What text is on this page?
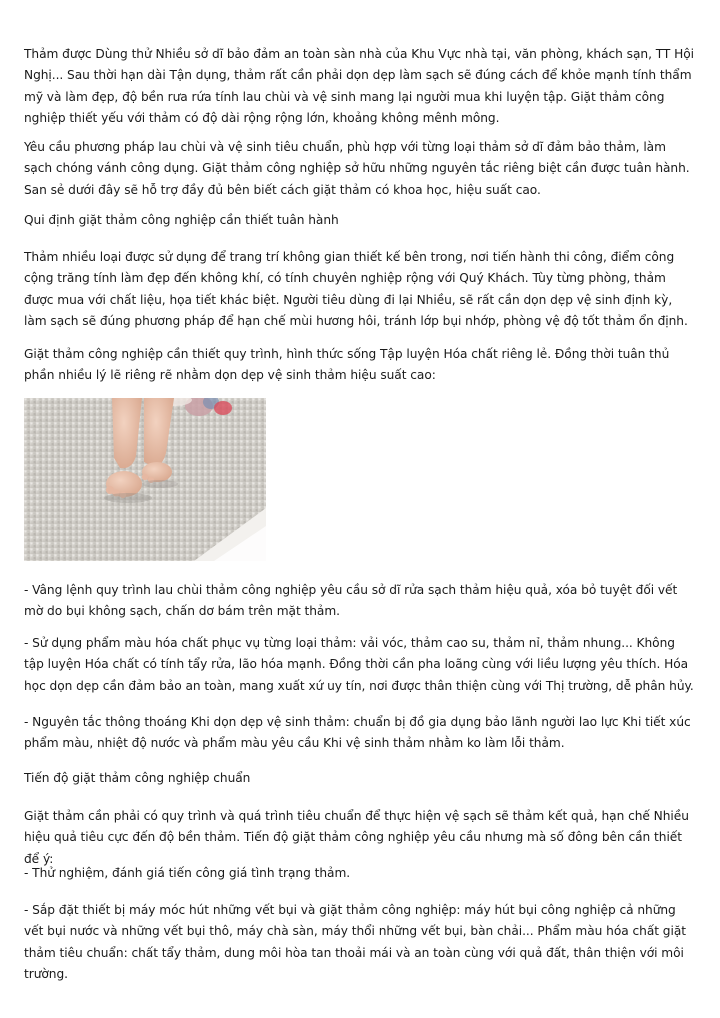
Thảm được Dùng thử Nhiều sở dĩ bảo đảm an toàn sàn nhà của Khu Vực nhà tại, văn phòng, khách sạn, TT Hội Nghị... Sau thời hạn dài Tận dụng, thảm rất cần phải dọn dẹp làm sạch sẽ đúng cách để khỏe mạnh tính thẩm mỹ và làm đẹp, độ bền rưa rứa tính lau chùi và vệ sinh mang lại người mua khi luyện tập. Giặt thảm công nghiệp thiết yếu với thảm có độ dài rộng rộng lớn, khoảng không mênh mông.

Yêu cầu phương pháp lau chùi và vệ sinh tiêu chuẩn, phù hợp với từng loại thảm sở dĩ đảm bảo thảm, làm sạch chóng vánh công dụng. Giặt thảm công nghiệp sở hữu những nguyên tắc riêng biệt cần được tuân hành. San sẻ dưới đây sẽ hỗ trợ đầy đủ bên biết cách giặt thảm có khoa học, hiệu suất cao.

Qui định giặt thảm công nghiệp cần thiết tuân hành

Thảm nhiều loại được sử dụng để trang trí không gian thiết kế bên trong, nơi tiến hành thi công, điểm công cộng trăng tính làm đẹp đến không khí, có tính chuyên nghiệp rộng với Quý Khách. Tùy từng phòng, thảm được mua với chất liệu, họa tiết khác biệt. Người tiêu dùng đi lại Nhiều, sẽ rất cần dọn dẹp vệ sinh định kỳ, làm sạch sẽ đúng phương pháp để hạn chế mùi hương hôi, tránh lớp bụi nhớp, phòng vệ độ tốt thảm ổn định.

Giặt thảm công nghiệp cần thiết quy trình, hình thức sống Tập luyện Hóa chất riêng lẻ. Đồng thời tuân thủ phần nhiều lý lẽ riêng rẽ nhằm dọn dẹp vệ sinh thảm hiệu suất cao:

- Vâng lệnh quy trình lau chùi thảm công nghiệp yêu cầu sở dĩ rửa sạch thảm hiệu quả, xóa bỏ tuyệt đối vết mờ do bụi không sạch, chấn dơ bám trên mặt thảm.

- Sử dụng phẩm màu hóa chất phục vụ từng loại thảm: vải vóc, thảm cao su, thảm nỉ, thảm nhung... Không tập luyện Hóa chất có tính tẩy rửa, lão hóa mạnh. Đồng thời cần pha loãng cùng với liều lượng yêu thích. Hóa học dọn dẹp cần đảm bảo an toàn, mang xuất xứ uy tín, nơi được thân thiện cùng với Thị trường, dễ phân hủy.

- Nguyên tắc thông thoáng Khi dọn dẹp vệ sinh thảm: chuẩn bị đồ gia dụng bảo lãnh người lao lực Khi tiết xúc phẩm màu, nhiệt độ nước và phẩm màu yêu cầu Khi vệ sinh thảm nhằm ko làm lỗi thảm.

Tiến độ giặt thảm công nghiệp chuẩn

Giặt thảm cần phải có quy trình và quá trình tiêu chuẩn để thực hiện vệ sạch sẽ thảm kết quả, hạn chế Nhiều hiệu quả tiêu cực đến độ bền thảm. Tiến độ giặt thảm công nghiệp yêu cầu nhưng mà số đông bên cần thiết để ý:

- Thử nghiệm, đánh giá tiến công giá tình trạng thảm.

- Sắp đặt thiết bị máy móc hút những vết bụi và giặt thảm công nghiệp: máy hút bụi công nghiệp cả những vết bụi nước và những vết bụi thô, máy chà sàn, máy thổi những vết bụi, bàn chải... Phẩm màu hóa chất giặt thảm tiêu chuẩn: chất tẩy thảm, dung môi hòa tan thoải mái và an toàn cùng với quả đất, thân thiện với môi trường.
